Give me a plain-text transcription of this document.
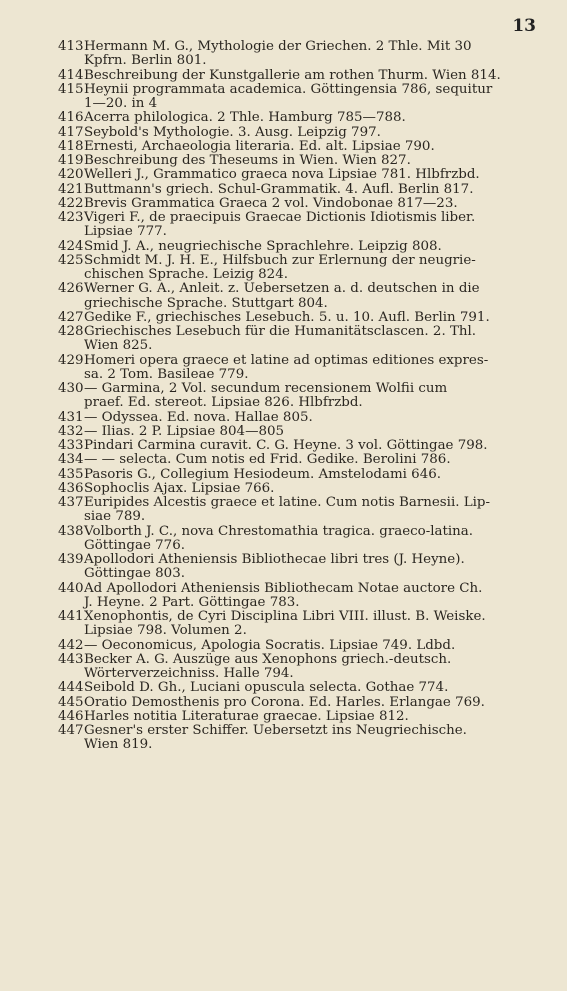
13
413 Hermann M. G., Mythologie der Griechen. 2 Thle. Mit 30
Kpfrn. Berlin 801.
414 Beschreibung der Kunstgallerie am rothen Thurm. Wien 814.
415 Heynii programmata academica. Göttingensia 786, sequitur
1—20. in 4
416 Acerra philologica. 2 Thle. Hamburg 785—788.
417 Seybold's Mythologie. 3. Ausg. Leipzig 797.
418 Ernesti, Archaeologia literaria. Ed. alt. Lipsiae 790.
419 Beschreibung des Theseums in Wien. Wien 827.
420 Welleri J., Grammatico graeca nova Lipsiae 781. Hlbfrzbd.
421 Buttmann's griech. Schul-Grammatik. 4. Aufl. Berlin 817.
422 Brevis Grammatica Graeca 2 vol. Vindobonae 817—23.
423 Vigeri F., de praecipuis Graecae Dictionis Idiotismis liber.
Lipsiae 777.
424 Smid J. A., neugriechische Sprachlehre. Leipzig 808.
425 Schmidt M. J. H. E., Hilfsbuch zur Erlernung der neugrie-
chischen Sprache. Leizig 824.
426 Werner G. A., Anleit. z. Uebersetzen a. d. deutschen in die
griechische Sprache. Stuttgart 804.
427 Gedike F., griechisches Lesebuch. 5. u. 10. Aufl. Berlin 791.
428 Griechisches Lesebuch für die Humanitätsclascen. 2. Thl.
Wien 825.
429 Homeri opera graece et latine ad optimas editiones expres-
sa. 2 Tom. Basileae 779.
430 — Garmina, 2 Vol. secundum recensionem Wolfii cum
praef. Ed. stereot. Lipsiae 826. Hlbfrzbd.
431 — Odyssea. Ed. nova. Hallae 805.
432 — Ilias. 2 P. Lipsiae 804—805
433 Pindari Carmina curavit. C. G. Heyne. 3 vol. Göttingae 798.
434 — — selecta. Cum notis ed Frid. Gedike. Berolini 786.
435 Pasoris G., Collegium Hesiodeum. Amstelodami 646.
436 Sophoclis Ajax. Lipsiae 766.
437 Euripides Alcestis graece et latine. Cum notis Barnesii. Lip-
siae 789.
438 Volborth J. C., nova Chrestomathia tragica. graeco-latina.
Göttingae 776.
439 Apollodori Atheniensis Bibliothecae libri tres (J. Heyne).
Göttingae 803.
440 Ad Apollodori Atheniensis Bibliothecam Notae auctore Ch.
J. Heyne. 2 Part. Göttingae 783.
441 Xenophontis, de Cyri Disciplina Libri VIII. illust. B. Weiske.
Lipsiae 798. Volumen 2.
442 — Oeconomicus, Apologia Socratis. Lipsiae 749. Ldbd.
443 Becker A. G. Auszüge aus Xenophons griech.-deutsch.
Wörterverzeichniss. Halle 794.
444 Seibold D. Gh., Luciani opuscula selecta. Gothae 774.
445 Oratio Demosthenis pro Corona. Ed. Harles. Erlangae 769.
446 Harles notitia Literaturae graecae. Lipsiae 812.
447 Gesner's erster Schiffer. Uebersetzt ins Neugriechische.
Wien 819.
